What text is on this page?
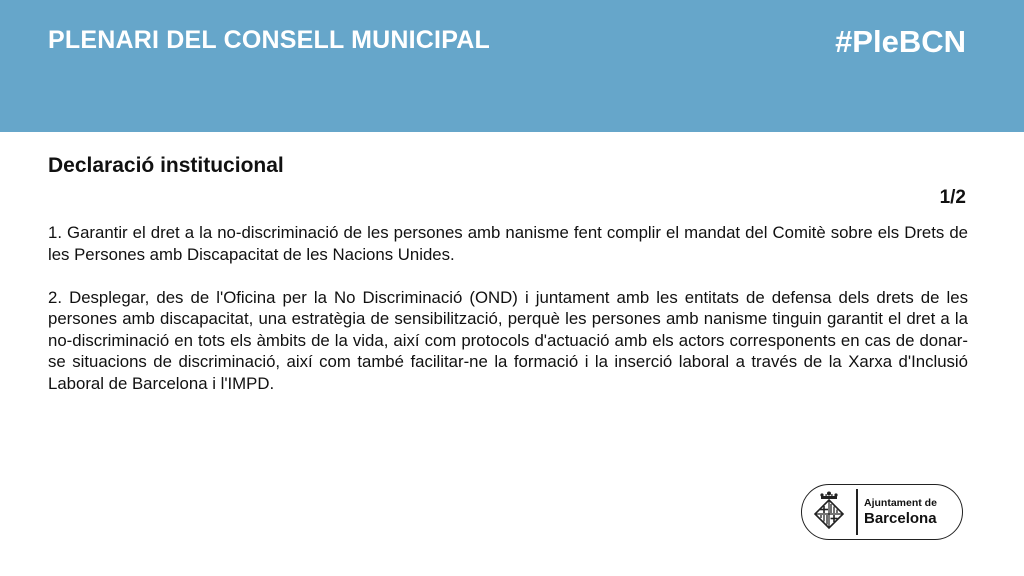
PLENARI DEL CONSELL MUNICIPAL	#PleBCN
Declaració institucional
1/2

1. Garantir el dret a la no-discriminació de les persones amb nanisme fent complir el mandat del Comitè sobre els Drets de les Persones amb Discapacitat de les Nacions Unides.

2. Desplegar, des de l'Oficina per la No Discriminació (OND) i juntament amb les entitats de defensa dels drets de les persones amb discapacitat, una estratègia de sensibilització, perquè les persones amb nanisme tinguin garantit el dret a la no-discriminació en tots els àmbits de la vida, així com protocols d'actuació amb els actors corresponents en cas de donar-se situacions de discriminació, així com també facilitar-ne la formació i la inserció laboral a través de la Xarxa d'Inclusió Laboral de Barcelona i l'IMPD.

Ajuntament de
Barcelona
